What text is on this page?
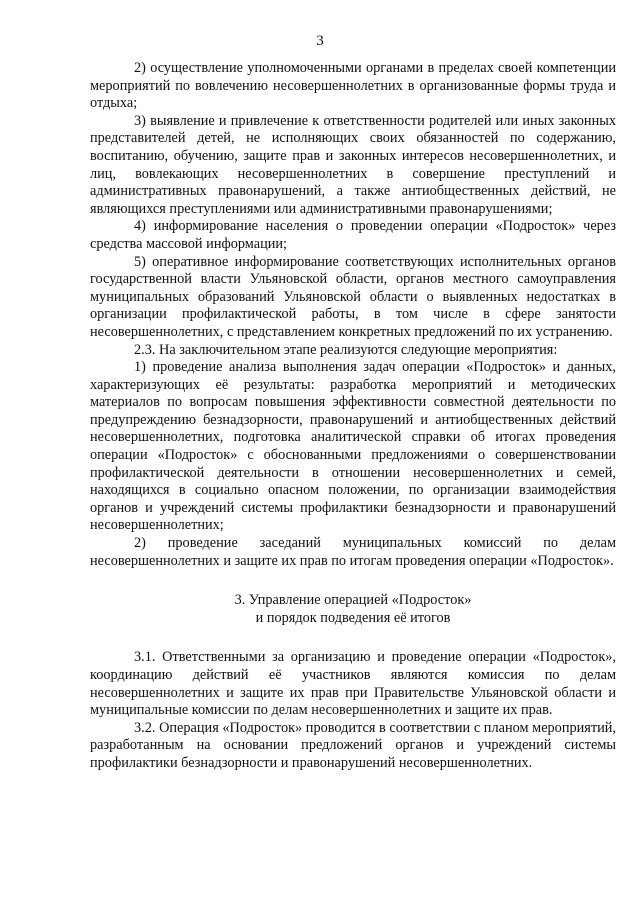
3

2) осуществление уполномоченными органами в пределах своей компетенции мероприятий по вовлечению несовершеннолетних в организованные формы труда и отдыха;

3) выявление и привлечение к ответственности родителей или иных законных представителей детей, не исполняющих своих обязанностей по содержанию, воспитанию, обучению, защите прав и законных интересов несовершеннолетних, и лиц, вовлекающих несовершеннолетних в совершение преступлений и административных правонарушений, а также антиобщественных действий, не являющихся преступлениями или административными правонарушениями;

4) информирование населения о проведении операции «Подросток» через средства массовой информации;

5) оперативное информирование соответствующих исполнительных органов государственной власти Ульяновской области, органов местного самоуправления муниципальных образований Ульяновской области о выявленных недостатках в организации профилактической работы, в том числе в сфере занятости несовершеннолетних, с представлением конкретных предложений по их устранению.

2.3. На заключительном этапе реализуются следующие мероприятия:

1) проведение анализа выполнения задач операции «Подросток» и данных, характеризующих её результаты: разработка мероприятий и методических материалов по вопросам повышения эффективности совместной деятельности по предупреждению безнадзорности, правонарушений и антиобщественных действий несовершеннолетних, подготовка аналитической справки об итогах проведения операции «Подросток» с обоснованными предложениями о совершенствовании профилактической деятельности в отношении несовершеннолетних и семей, находящихся в социально опасном положении, по организации взаимодействия органов и учреждений системы профилактики безнадзорности и правонарушений несовершеннолетних;

2) проведение заседаний муниципальных комиссий по делам несовершеннолетних и защите их прав по итогам проведения операции «Подросток».

3. Управление операцией «Подросток»
и порядок подведения её итогов

3.1. Ответственными за организацию и проведение операции «Подросток», координацию действий её участников являются комиссия по делам несовершеннолетних и защите их прав при Правительстве Ульяновской области и муниципальные комиссии по делам несовершеннолетних и защите их прав.

3.2. Операция «Подросток» проводится в соответствии с планом мероприятий, разработанным на основании предложений органов и учреждений системы профилактики безнадзорности и правонарушений несовершеннолетних.
